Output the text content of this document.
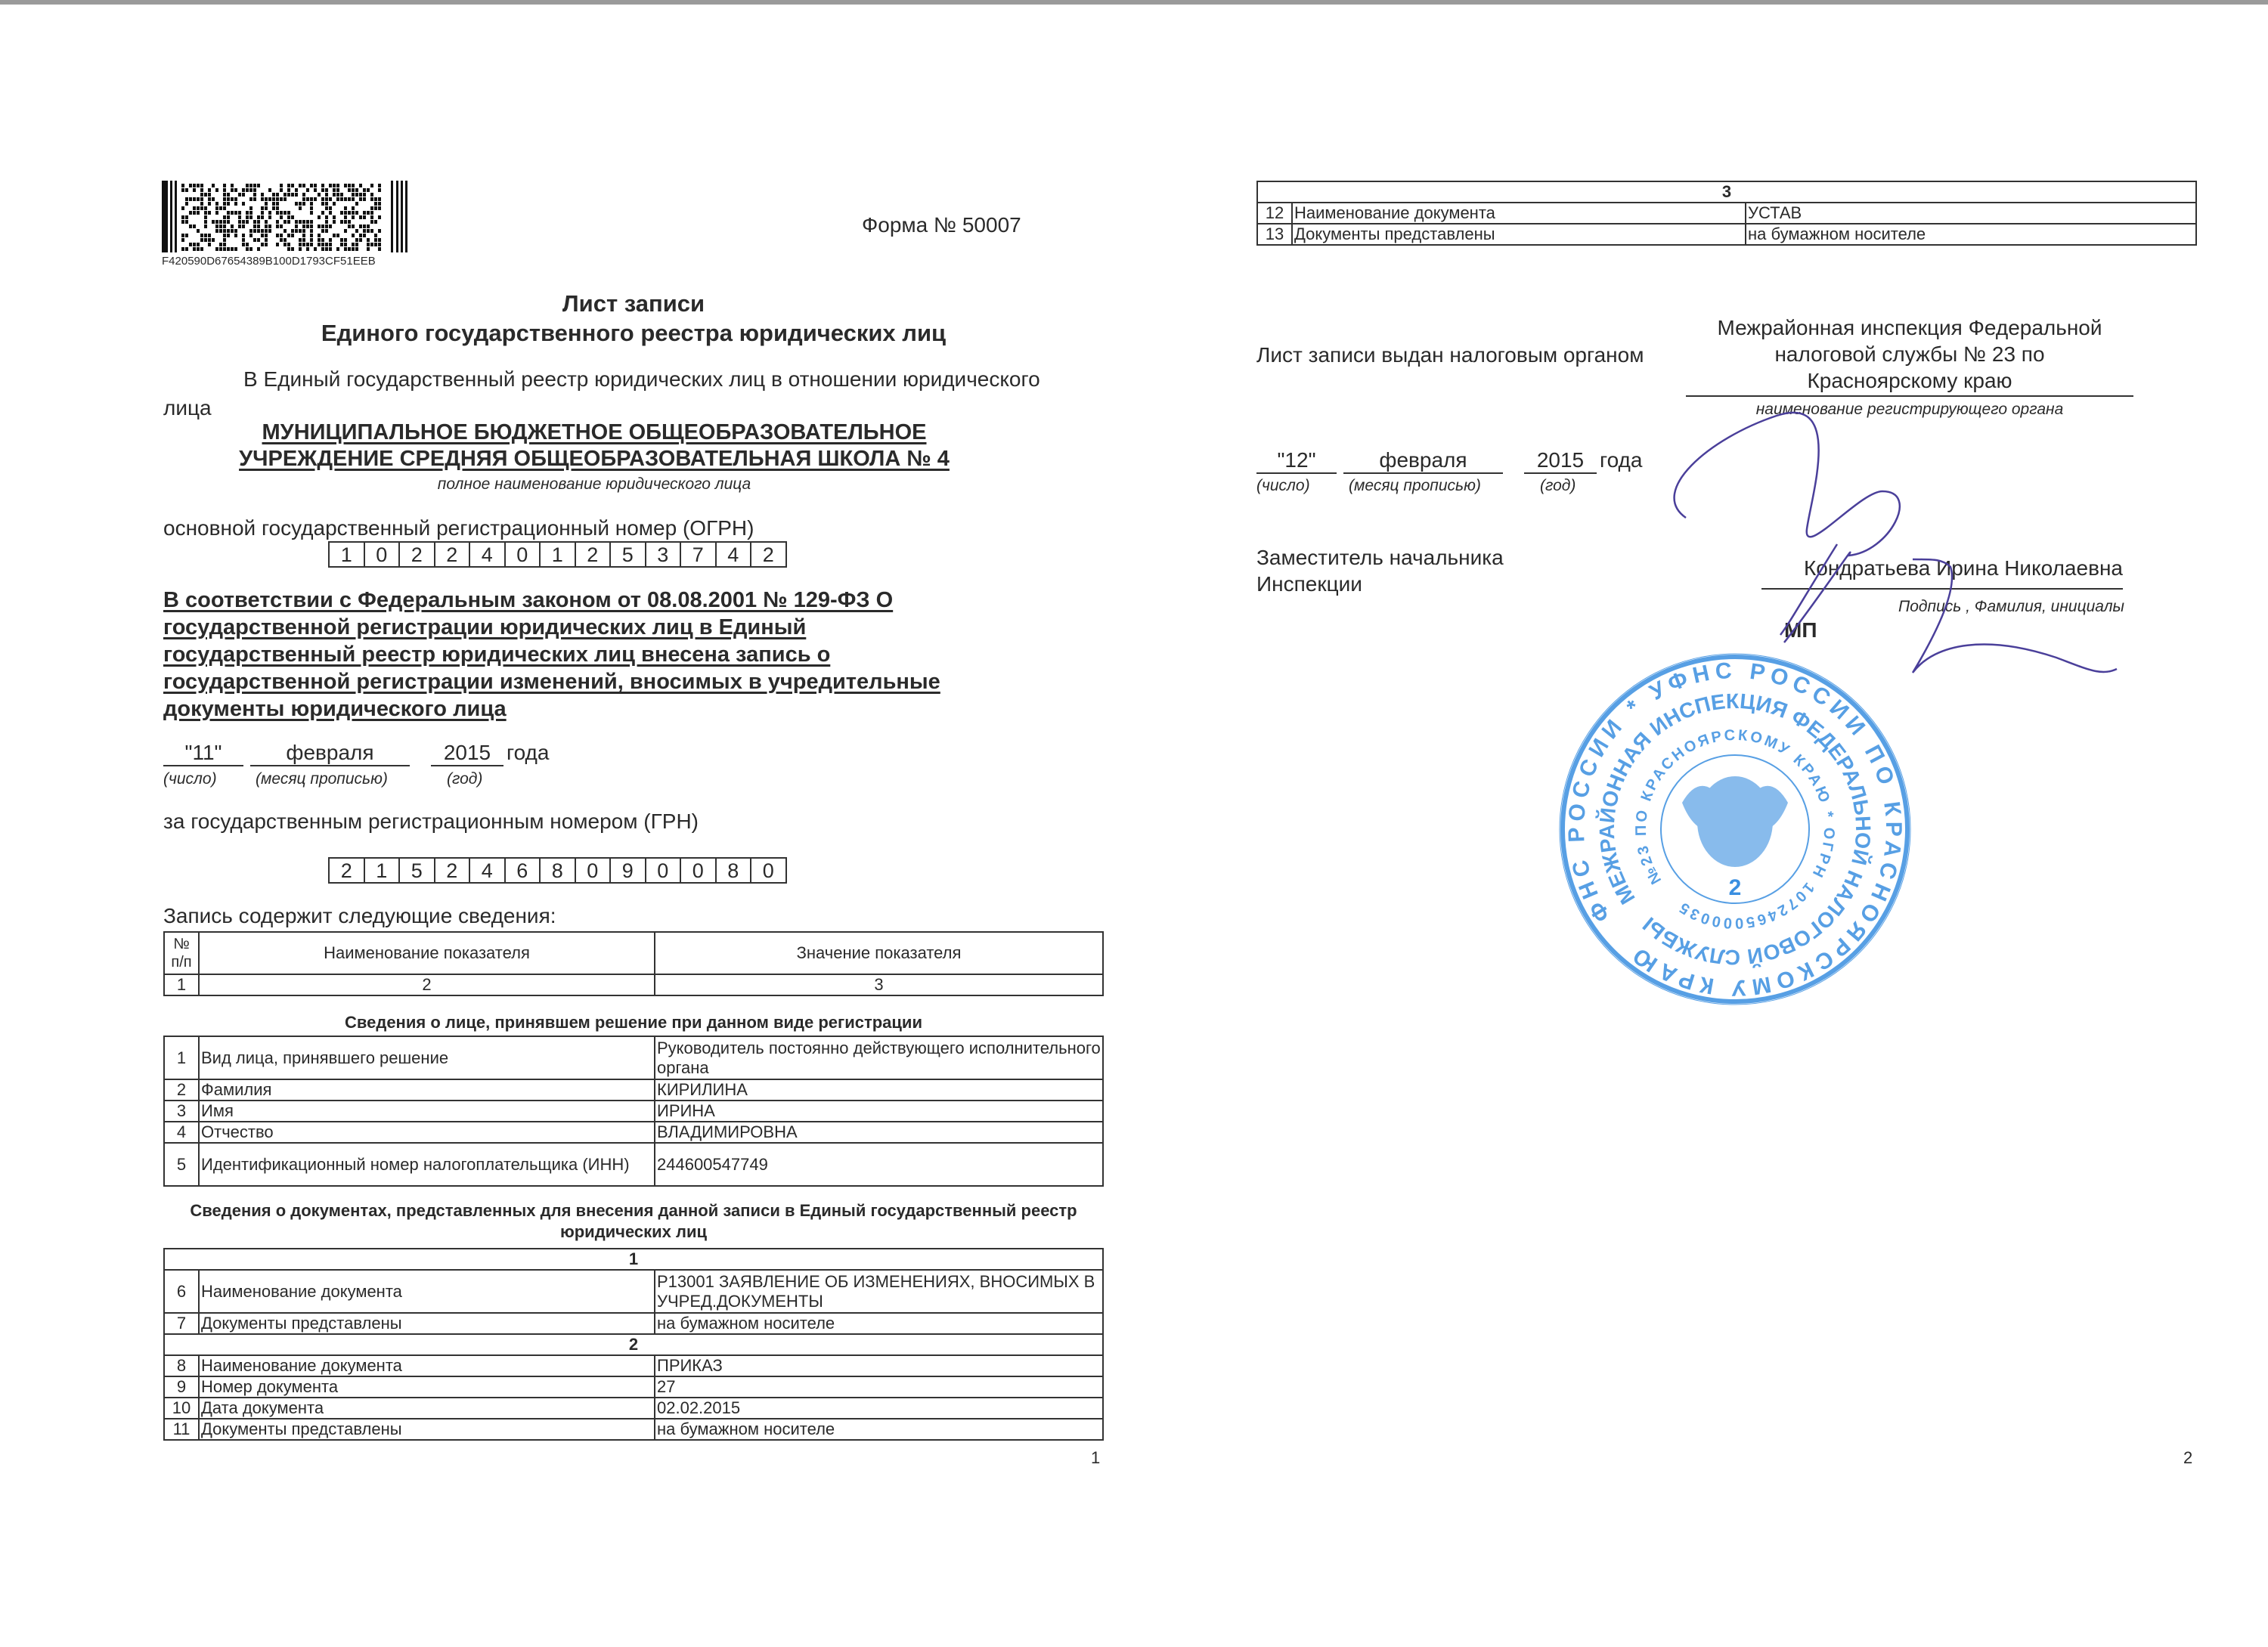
F420590D67654389B100D1793CF51EEB
Форма № 50007
Лист записи
Единого государственного реестра юридических лиц
В Единый государственный реестр юридических лиц в отношении юридического
лица
МУНИЦИПАЛЬНОЕ БЮДЖЕТНОЕ ОБЩЕОБРАЗОВАТЕЛЬНОЕ
УЧРЕЖДЕНИЕ СРЕДНЯЯ ОБЩЕОБРАЗОВАТЕЛЬНАЯ ШКОЛА № 4
полное наименование юридического лица
основной государственный регистрационный номер (ОГРН)
1	0	2	2	4	0	1	2	5	3	7	4	2
В соответствии с Федеральным законом от 08.08.2001 № 129-ФЗ О
государственной регистрации юридических лиц в Единый
государственный реестр юридических лиц внесена запись о
государственной регистрации изменений, вносимых в учредительные
документы юридического лица
"11"	февраля	2015 года
(число) (месяц прописью)	(год)
за государственным регистрационным номером (ГРН)
2	1	5	2	4	6	8	0	9	0	0	8	0
Запись содержит следующие сведения:
№ п/п	Наименование показателя	Значение показателя
1	2	3
Сведения о лице, принявшем решение при данном виде регистрации
1	Вид лица, принявшего решение	Руководитель постоянно действующего исполнительного органа
2	Фамилия	КИРИЛИНА
3	Имя	ИРИНА
4	Отчество	ВЛАДИМИРОВНА
5	Идентификационный номер налогоплательщика (ИНН)	244600547749
Сведения о документах, представленных для внесения данной записи в Единый государственный реестр юридических лиц
1		
6	Наименование документа	Р13001 ЗАЯВЛЕНИЕ ОБ ИЗМЕНЕНИЯХ, ВНОСИМЫХ В УЧРЕД.ДОКУМЕНТЫ
7	Документы представлены	на бумажном носителе
2		
8	Наименование документа	ПРИКАЗ
9	Номер документа	27
10	Дата документа	02.02.2015
11	Документы представлены	на бумажном носителе
1
3		
12	Наименование документа	УСТАВ
13	Документы представлены	на бумажном носителе
Лист записи выдан налоговым органом
Межрайонная инспекция Федеральной
налоговой службы № 23 по
Красноярскому краю
наименование регистрирующего органа
"12"	февраля	2015 года
(число) (месяц прописью)	(год)
Заместитель начальника
Инспекции
Кондратьева Ирина Николаевна
Подпись , Фамилия, инициалы
МП
ФНС РОССИИ * УФНС РОССИИ ПО КРАСНОЯРСКОМУ КРАЮ
МЕЖРАЙОННАЯ ИНСПЕКЦИЯ ФЕДЕРАЛЬНОЙ НАЛОГОВОЙ СЛУЖБЫ
№23 ПО КРАСНОЯРСКОМУ КРАЮ * ОГРН 1072465000035
2
2
